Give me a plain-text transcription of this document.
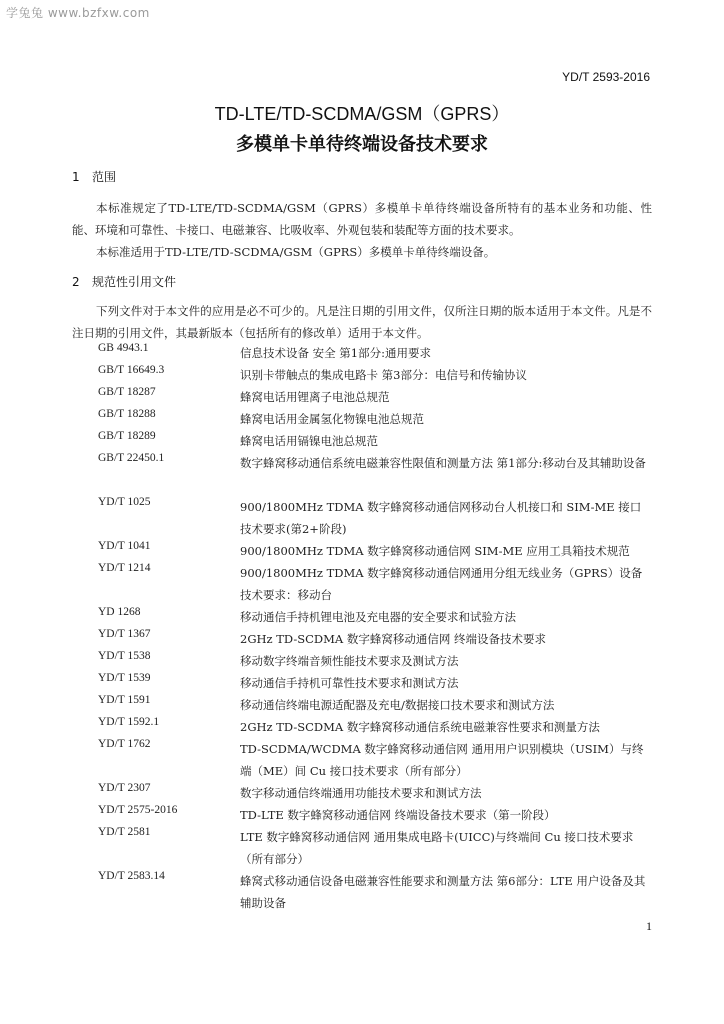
学兔兔 www.bzfxw.com
YD/T 2593-2016
TD-LTE/TD-SCDMA/GSM（GPRS）
多模单卡单待终端设备技术要求
1 范围
本标准规定了TD-LTE/TD-SCDMA/GSM（GPRS）多模单卡单待终端设备所特有的基本业务和功能、性能、环境和可靠性、卡接口、电磁兼容、比吸收率、外观包装和装配等方面的技术要求。
本标准适用于TD-LTE/TD-SCDMA/GSM（GPRS）多模单卡单待终端设备。
2 规范性引用文件
下列文件对于本文件的应用是必不可少的。凡是注日期的引用文件，仅所注日期的版本适用于本文件。凡是不注日期的引用文件，其最新版本（包括所有的修改单）适用于本文件。
GB 4943.1	信息技术设备 安全 第1部分:通用要求
GB/T 16649.3	识别卡带触点的集成电路卡 第3部分：电信号和传输协议
GB/T 18287	蜂窝电话用锂离子电池总规范
GB/T 18288	蜂窝电话用金属氢化物镍电池总规范
GB/T 18289	蜂窝电话用镉镍电池总规范
GB/T 22450.1	数字蜂窝移动通信系统电磁兼容性限值和测量方法 第1部分:移动台及其辅助设备
YD/T 1025	900/1800MHz TDMA 数字蜂窝移动通信网移动台人机接口和 SIM-ME 接口技术要求(第2+阶段)
YD/T 1041	900/1800MHz TDMA 数字蜂窝移动通信网 SIM-ME 应用工具箱技术规范
YD/T 1214	900/1800MHz TDMA 数字蜂窝移动通信网通用分组无线业务（GPRS）设备技术要求：移动台
YD 1268	移动通信手持机锂电池及充电器的安全要求和试验方法
YD/T 1367	2GHz TD-SCDMA 数字蜂窝移动通信网 终端设备技术要求
YD/T 1538	移动数字终端音频性能技术要求及测试方法
YD/T 1539	移动通信手持机可靠性技术要求和测试方法
YD/T 1591	移动通信终端电源适配器及充电/数据接口技术要求和测试方法
YD/T 1592.1	2GHz TD-SCDMA 数字蜂窝移动通信系统电磁兼容性要求和测量方法
YD/T 1762	TD-SCDMA/WCDMA 数字蜂窝移动通信网 通用用户识别模块（USIM）与终端（ME）间 Cu 接口技术要求（所有部分）
YD/T 2307	数字移动通信终端通用功能技术要求和测试方法
YD/T 2575-2016	TD-LTE 数字蜂窝移动通信网 终端设备技术要求（第一阶段）
YD/T 2581	LTE 数字蜂窝移动通信网 通用集成电路卡(UICC)与终端间 Cu 接口技术要求（所有部分）
YD/T 2583.14	蜂窝式移动通信设备电磁兼容性能要求和测量方法 第6部分：LTE 用户设备及其辅助设备
1
